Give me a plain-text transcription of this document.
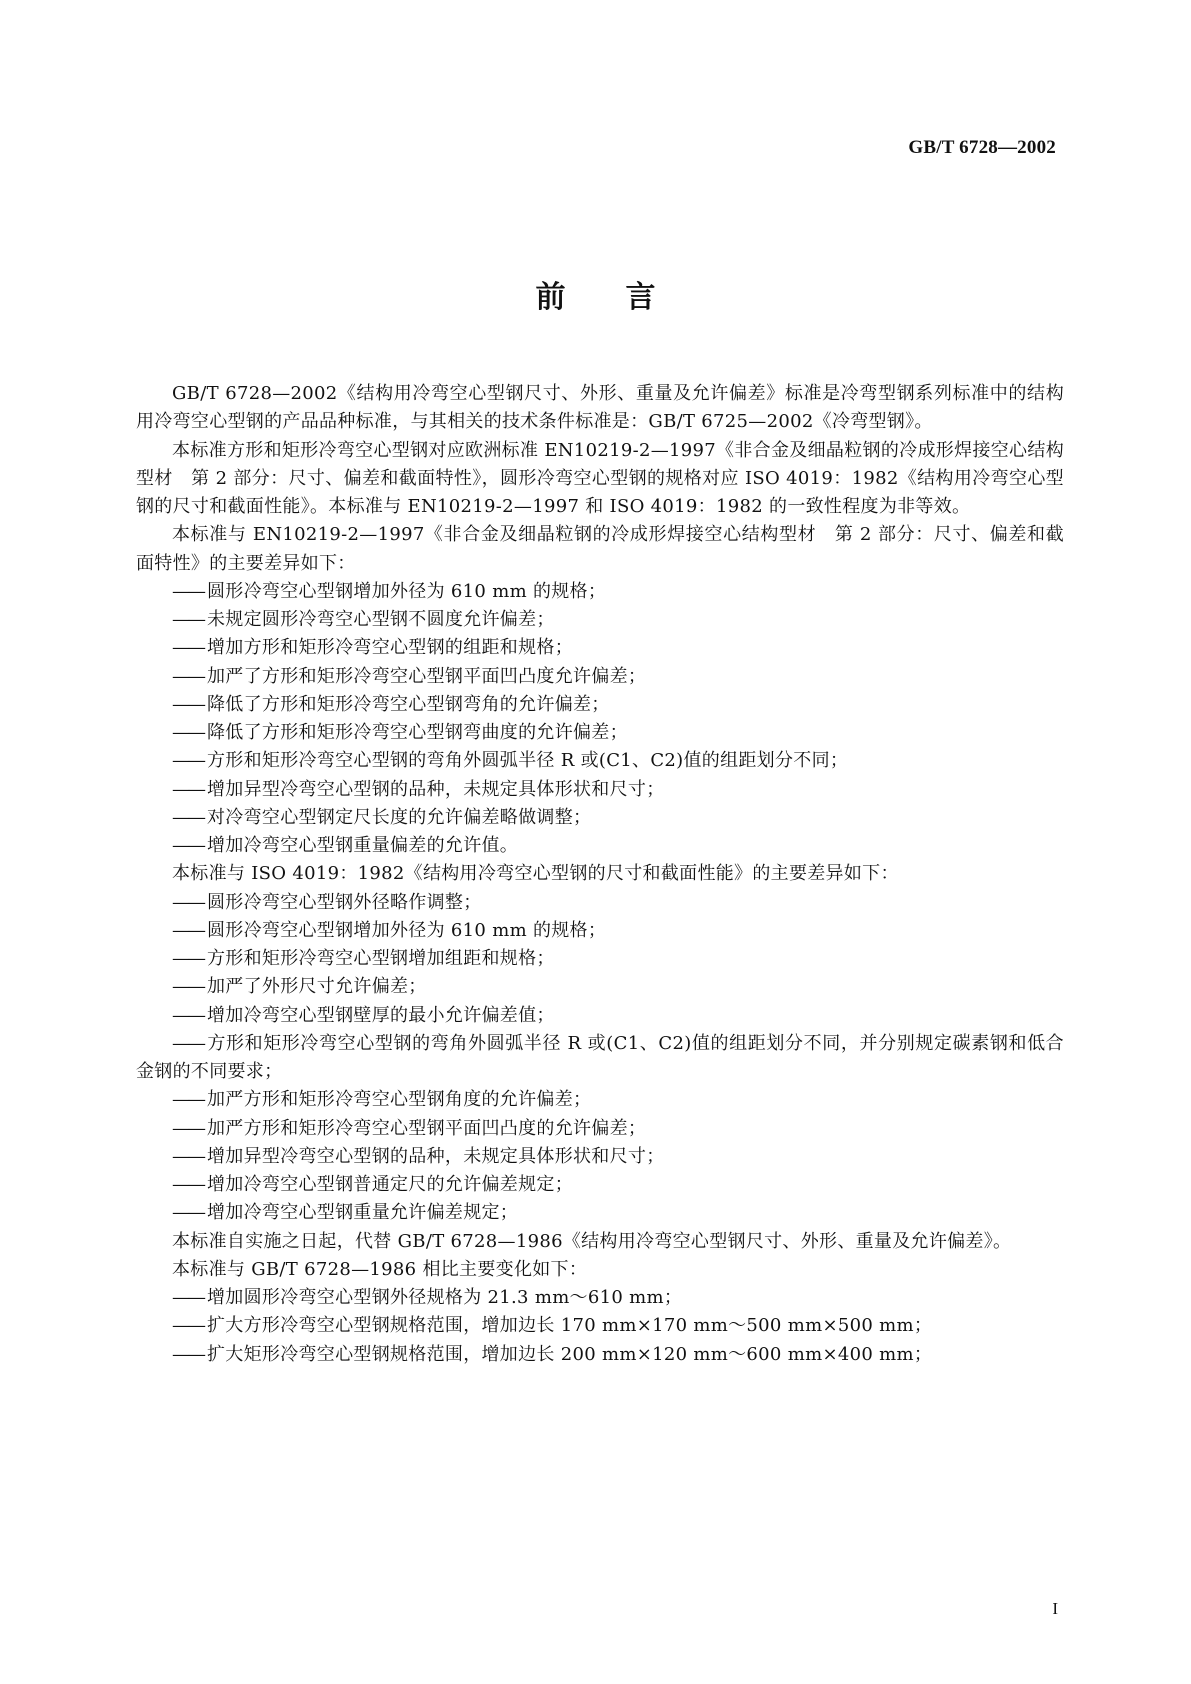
GB/T 6728—2002
前言

GB/T 6728—2002《结构用冷弯空心型钢尺寸、外形、重量及允许偏差》标准是冷弯型钢系列标准中的结构用冷弯空心型钢的产品品种标准，与其相关的技术条件标准是：GB/T 6725—2002《冷弯型钢》。

本标准方形和矩形冷弯空心型钢对应欧洲标准 EN10219-2—1997《非合金及细晶粒钢的冷成形焊接空心结构型材　第 2 部分：尺寸、偏差和截面特性》，圆形冷弯空心型钢的规格对应 ISO 4019：1982《结构用冷弯空心型钢的尺寸和截面性能》。本标准与 EN10219-2—1997 和 ISO 4019：1982 的一致性程度为非等效。

本标准与 EN10219-2—1997《非合金及细晶粒钢的冷成形焊接空心结构型材　第 2 部分：尺寸、偏差和截面特性》的主要差异如下：

—— 圆形冷弯空心型钢增加外径为 610 mm 的规格；

—— 未规定圆形冷弯空心型钢不圆度允许偏差；

—— 增加方形和矩形冷弯空心型钢的组距和规格；

—— 加严了方形和矩形冷弯空心型钢平面凹凸度允许偏差；

—— 降低了方形和矩形冷弯空心型钢弯角的允许偏差；

—— 降低了方形和矩形冷弯空心型钢弯曲度的允许偏差；

—— 方形和矩形冷弯空心型钢的弯角外圆弧半径 R 或(C1、C2)值的组距划分不同；

—— 增加异型冷弯空心型钢的品种，未规定具体形状和尺寸；

—— 对冷弯空心型钢定尺长度的允许偏差略做调整；

—— 增加冷弯空心型钢重量偏差的允许值。

本标准与 ISO 4019：1982《结构用冷弯空心型钢的尺寸和截面性能》的主要差异如下：

—— 圆形冷弯空心型钢外径略作调整；

—— 圆形冷弯空心型钢增加外径为 610 mm 的规格；

—— 方形和矩形冷弯空心型钢增加组距和规格；

—— 加严了外形尺寸允许偏差；

—— 增加冷弯空心型钢壁厚的最小允许偏差值；

—— 方形和矩形冷弯空心型钢的弯角外圆弧半径 R 或(C1、C2)值的组距划分不同，并分别规定碳素钢和低合金钢的不同要求；

—— 加严方形和矩形冷弯空心型钢角度的允许偏差；

—— 加严方形和矩形冷弯空心型钢平面凹凸度的允许偏差；

—— 增加异型冷弯空心型钢的品种，未规定具体形状和尺寸；

—— 增加冷弯空心型钢普通定尺的允许偏差规定；

—— 增加冷弯空心型钢重量允许偏差规定；

本标准自实施之日起，代替 GB/T 6728—1986《结构用冷弯空心型钢尺寸、外形、重量及允许偏差》。

本标准与 GB/T 6728—1986 相比主要变化如下：

—— 增加圆形冷弯空心型钢外径规格为 21.3 mm～610 mm；

—— 扩大方形冷弯空心型钢规格范围，增加边长 170 mm×170 mm～500 mm×500 mm；

—— 扩大矩形冷弯空心型钢规格范围，增加边长 200 mm×120 mm～600 mm×400 mm；

I
